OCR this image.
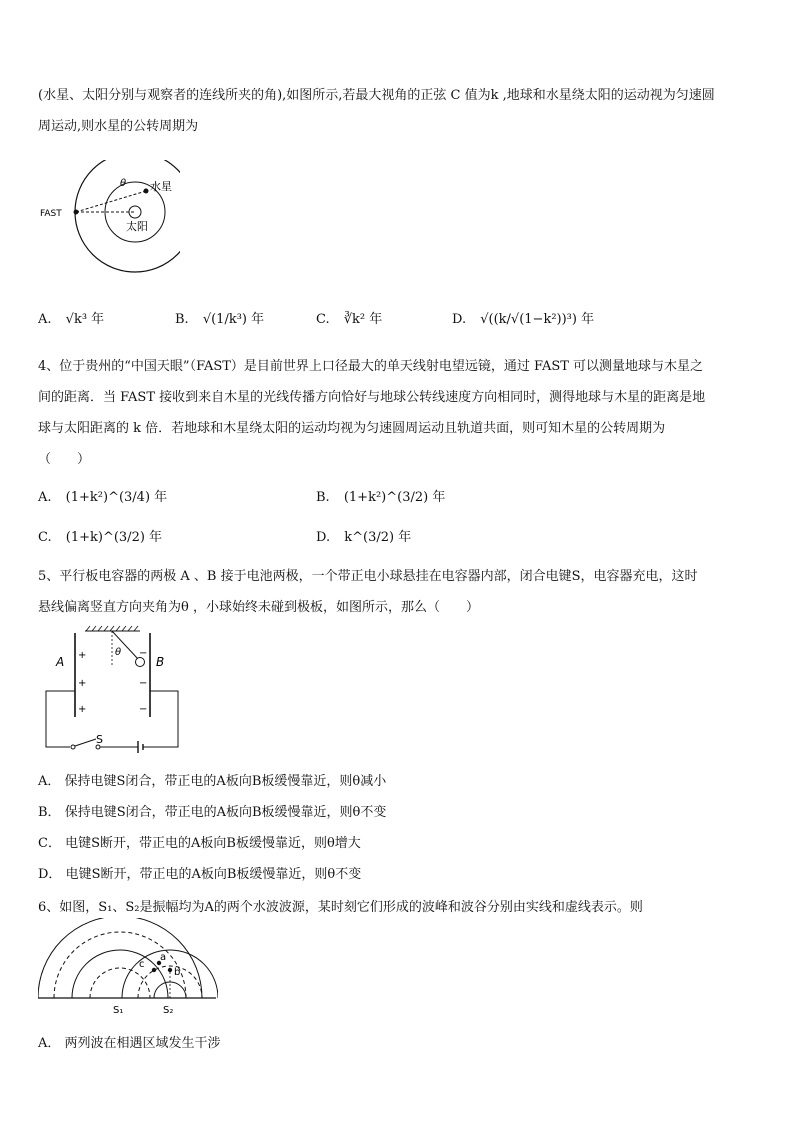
(水星、太阳分别与观察者的连线所夹的角),如图所示,若最大视角的正弦 C 值为k ,地球和水星绕太阳的运动视为匀速圆
周运动,则水星的公转周期为
θ 水星
太阳
FAST
A. √k³ 年	B. √(1/k³) 年	C. ∛k² 年	D. √((k/√(1−k²))³) 年
4、位于贵州的“中国天眼”（FAST）是目前世界上口径最大的单天线射电望远镜，通过 FAST 可以测量地球与木星之
间的距离．当 FAST 接收到来自木星的光线传播方向恰好与地球公转线速度方向相同时，测得地球与木星的距离是地
球与太阳距离的 k 倍．若地球和木星绕太阳的运动均视为匀速圆周运动且轨道共面，则可知木星的公转周期为
（　　）
A. (1+k²)^(3/4) 年	B. (1+k²)^(3/2) 年
C. (1+k)^(3/2) 年	D. k^(3/2) 年
5、平行板电容器的两极 A 、B 接于电池两极，一个带正电小球悬挂在电容器内部，闭合电键S，电容器充电，这时
悬线偏离竖直方向夹角为θ ，小球始终未碰到极板，如图所示，那么（　　）
+
+
+
−
−
−
θ
A	B
S
A． 保持电键S闭合，带正电的A板向B板缓慢靠近，则θ减小
B． 保持电键S闭合，带正电的A板向B板缓慢靠近，则θ不变
C． 电键S断开，带正电的A板向B板缓慢靠近，则θ增大
D． 电键S断开，带正电的A板向B板缓慢靠近，则θ不变
6、如图，S₁、S₂是振幅均为A的两个水波波源，某时刻它们形成的波峰和波谷分别由实线和虚线表示。则
a
b
c
S₁	S₂
A． 两列波在相遇区域发生干涉
